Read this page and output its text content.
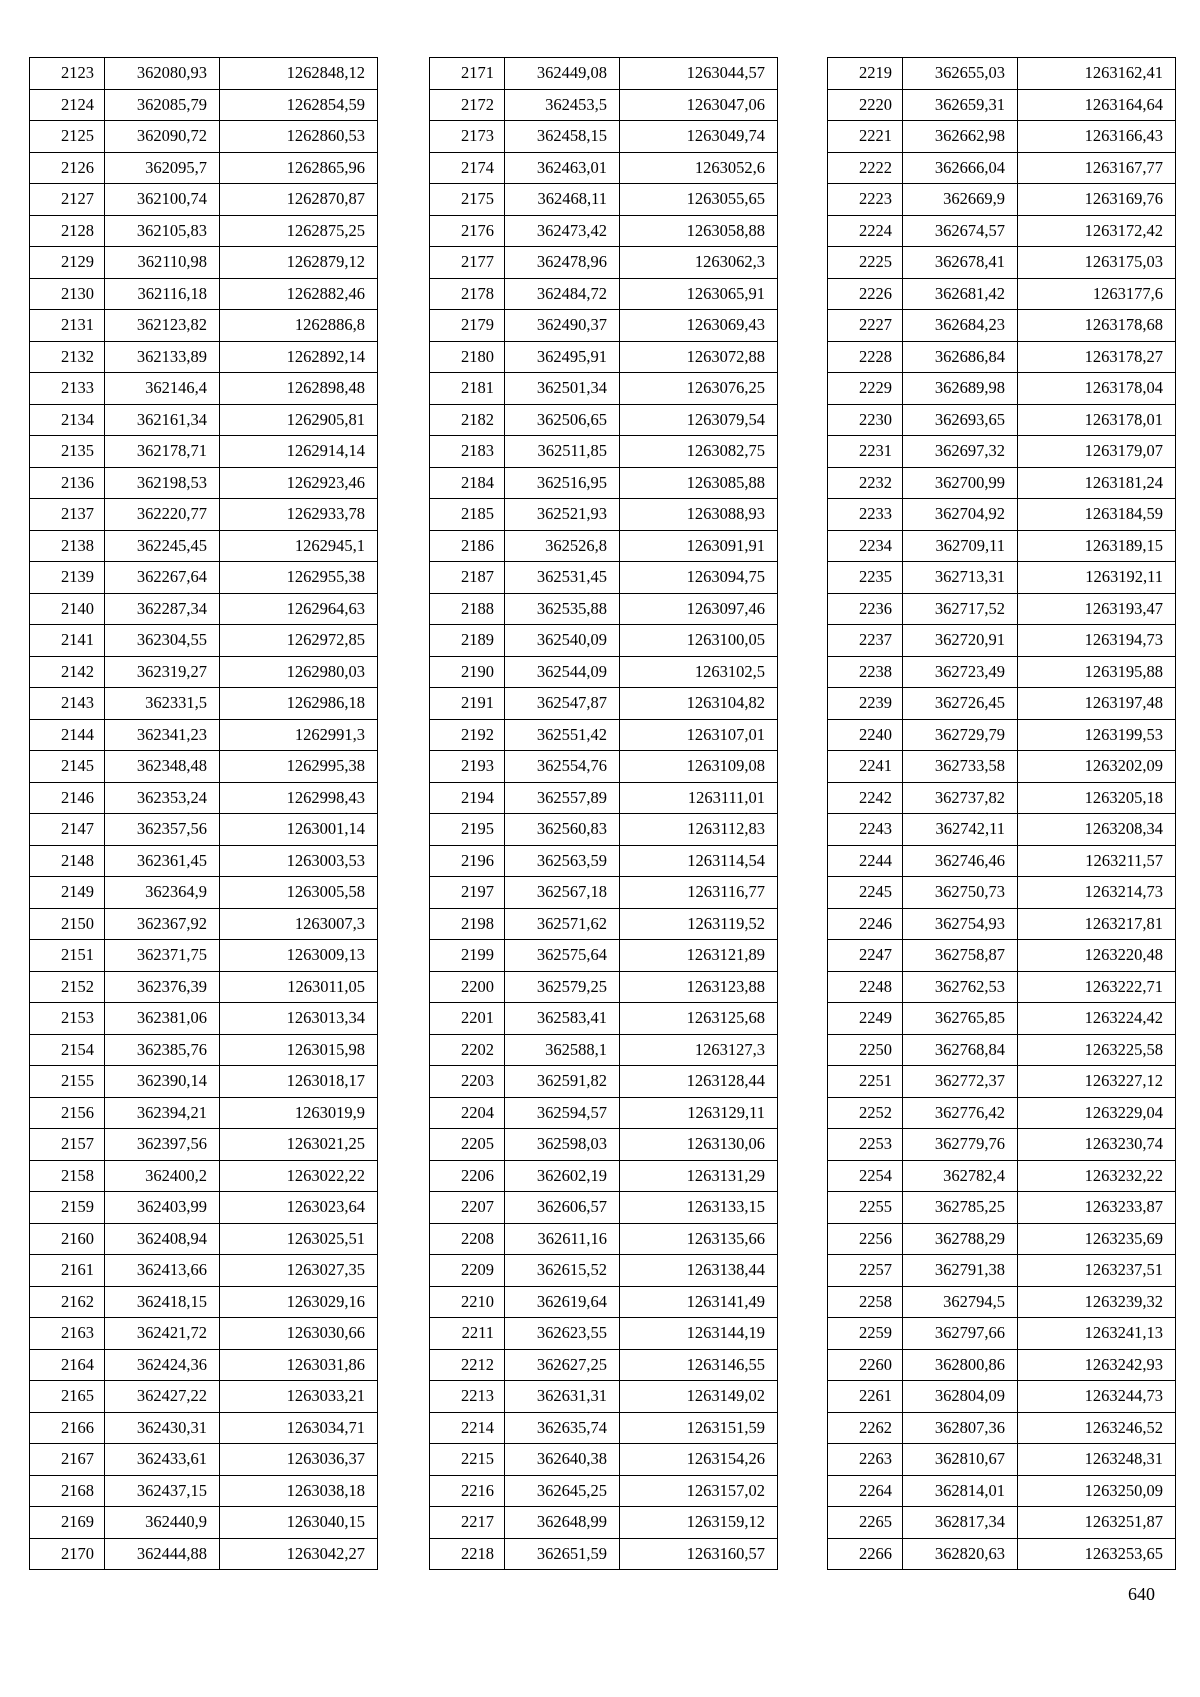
2123	362080,93	1262848,12
2124	362085,79	1262854,59
2125	362090,72	1262860,53
2126	362095,7	1262865,96
2127	362100,74	1262870,87
2128	362105,83	1262875,25
2129	362110,98	1262879,12
2130	362116,18	1262882,46
2131	362123,82	1262886,8
2132	362133,89	1262892,14
2133	362146,4	1262898,48
2134	362161,34	1262905,81
2135	362178,71	1262914,14
2136	362198,53	1262923,46
2137	362220,77	1262933,78
2138	362245,45	1262945,1
2139	362267,64	1262955,38
2140	362287,34	1262964,63
2141	362304,55	1262972,85
2142	362319,27	1262980,03
2143	362331,5	1262986,18
2144	362341,23	1262991,3
2145	362348,48	1262995,38
2146	362353,24	1262998,43
2147	362357,56	1263001,14
2148	362361,45	1263003,53
2149	362364,9	1263005,58
2150	362367,92	1263007,3
2151	362371,75	1263009,13
2152	362376,39	1263011,05
2153	362381,06	1263013,34
2154	362385,76	1263015,98
2155	362390,14	1263018,17
2156	362394,21	1263019,9
2157	362397,56	1263021,25
2158	362400,2	1263022,22
2159	362403,99	1263023,64
2160	362408,94	1263025,51
2161	362413,66	1263027,35
2162	362418,15	1263029,16
2163	362421,72	1263030,66
2164	362424,36	1263031,86
2165	362427,22	1263033,21
2166	362430,31	1263034,71
2167	362433,61	1263036,37
2168	362437,15	1263038,18
2169	362440,9	1263040,15
2170	362444,88	1263042,27
2171	362449,08	1263044,57
2172	362453,5	1263047,06
2173	362458,15	1263049,74
2174	362463,01	1263052,6
2175	362468,11	1263055,65
2176	362473,42	1263058,88
2177	362478,96	1263062,3
2178	362484,72	1263065,91
2179	362490,37	1263069,43
2180	362495,91	1263072,88
2181	362501,34	1263076,25
2182	362506,65	1263079,54
2183	362511,85	1263082,75
2184	362516,95	1263085,88
2185	362521,93	1263088,93
2186	362526,8	1263091,91
2187	362531,45	1263094,75
2188	362535,88	1263097,46
2189	362540,09	1263100,05
2190	362544,09	1263102,5
2191	362547,87	1263104,82
2192	362551,42	1263107,01
2193	362554,76	1263109,08
2194	362557,89	1263111,01
2195	362560,83	1263112,83
2196	362563,59	1263114,54
2197	362567,18	1263116,77
2198	362571,62	1263119,52
2199	362575,64	1263121,89
2200	362579,25	1263123,88
2201	362583,41	1263125,68
2202	362588,1	1263127,3
2203	362591,82	1263128,44
2204	362594,57	1263129,11
2205	362598,03	1263130,06
2206	362602,19	1263131,29
2207	362606,57	1263133,15
2208	362611,16	1263135,66
2209	362615,52	1263138,44
2210	362619,64	1263141,49
2211	362623,55	1263144,19
2212	362627,25	1263146,55
2213	362631,31	1263149,02
2214	362635,74	1263151,59
2215	362640,38	1263154,26
2216	362645,25	1263157,02
2217	362648,99	1263159,12
2218	362651,59	1263160,57
2219	362655,03	1263162,41
2220	362659,31	1263164,64
2221	362662,98	1263166,43
2222	362666,04	1263167,77
2223	362669,9	1263169,76
2224	362674,57	1263172,42
2225	362678,41	1263175,03
2226	362681,42	1263177,6
2227	362684,23	1263178,68
2228	362686,84	1263178,27
2229	362689,98	1263178,04
2230	362693,65	1263178,01
2231	362697,32	1263179,07
2232	362700,99	1263181,24
2233	362704,92	1263184,59
2234	362709,11	1263189,15
2235	362713,31	1263192,11
2236	362717,52	1263193,47
2237	362720,91	1263194,73
2238	362723,49	1263195,88
2239	362726,45	1263197,48
2240	362729,79	1263199,53
2241	362733,58	1263202,09
2242	362737,82	1263205,18
2243	362742,11	1263208,34
2244	362746,46	1263211,57
2245	362750,73	1263214,73
2246	362754,93	1263217,81
2247	362758,87	1263220,48
2248	362762,53	1263222,71
2249	362765,85	1263224,42
2250	362768,84	1263225,58
2251	362772,37	1263227,12
2252	362776,42	1263229,04
2253	362779,76	1263230,74
2254	362782,4	1263232,22
2255	362785,25	1263233,87
2256	362788,29	1263235,69
2257	362791,38	1263237,51
2258	362794,5	1263239,32
2259	362797,66	1263241,13
2260	362800,86	1263242,93
2261	362804,09	1263244,73
2262	362807,36	1263246,52
2263	362810,67	1263248,31
2264	362814,01	1263250,09
2265	362817,34	1263251,87
2266	362820,63	1263253,65
640
